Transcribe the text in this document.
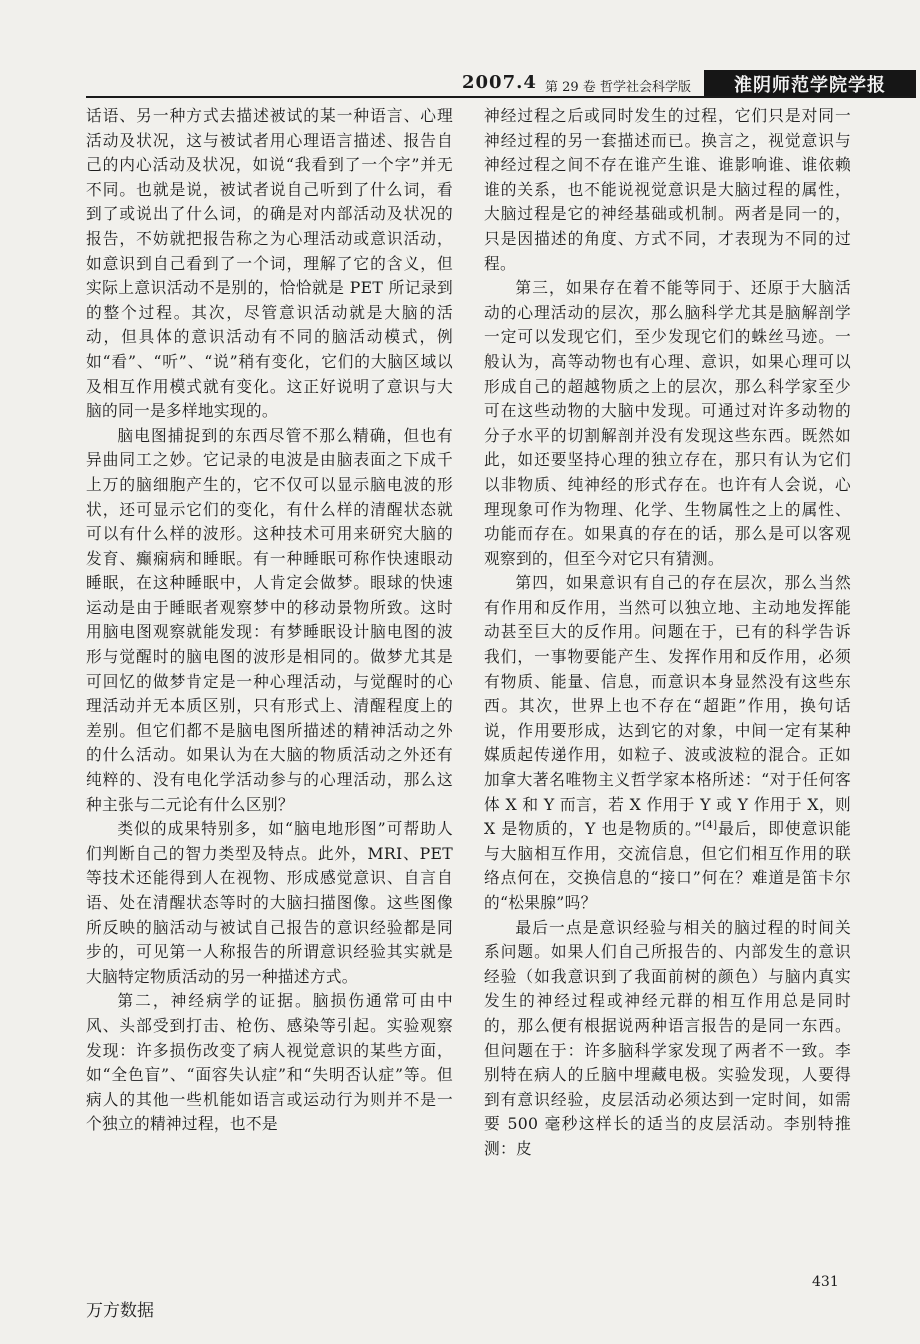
2007.4 第 29 卷 哲学社会科学版	淮阴师范学院学报

话语、另一种方式去描述被试的某一种语言、心理活动及状况，这与被试者用心理语言描述、报告自己的内心活动及状况，如说“我看到了一个字”并无不同。也就是说，被试者说自己听到了什么词，看到了或说出了什么词，的确是对内部活动及状况的报告，不妨就把报告称之为心理活动或意识活动，如意识到自己看到了一个词，理解了它的含义，但实际上意识活动不是别的，恰恰就是 PET 所记录到的整个过程。其次，尽管意识活动就是大脑的活动，但具体的意识活动有不同的脑活动模式，例如“看”、“听”、“说”稍有变化，它们的大脑区域以及相互作用模式就有变化。这正好说明了意识与大脑的同一是多样地实现的。

脑电图捕捉到的东西尽管不那么精确，但也有异曲同工之妙。它记录的电波是由脑表面之下成千上万的脑细胞产生的，它不仅可以显示脑电波的形状，还可显示它们的变化，有什么样的清醒状态就可以有什么样的波形。这种技术可用来研究大脑的发育、癫痫病和睡眠。有一种睡眠可称作快速眼动睡眠，在这种睡眠中，人肯定会做梦。眼球的快速运动是由于睡眠者观察梦中的移动景物所致。这时用脑电图观察就能发现：有梦睡眠设计脑电图的波形与觉醒时的脑电图的波形是相同的。做梦尤其是可回忆的做梦肯定是一种心理活动，与觉醒时的心理活动并无本质区别，只有形式上、清醒程度上的差别。但它们都不是脑电图所描述的精神活动之外的什么活动。如果认为在大脑的物质活动之外还有纯粹的、没有电化学活动参与的心理活动，那么这种主张与二元论有什么区别？

类似的成果特别多，如“脑电地形图”可帮助人们判断自己的智力类型及特点。此外，MRI、PET 等技术还能得到人在视物、形成感觉意识、自言自语、处在清醒状态等时的大脑扫描图像。这些图像所反映的脑活动与被试自己报告的意识经验都是同步的，可见第一人称报告的所谓意识经验其实就是大脑特定物质活动的另一种描述方式。

第二，神经病学的证据。脑损伤通常可由中风、头部受到打击、枪伤、感染等引起。实验观察发现：许多损伤改变了病人视觉意识的某些方面，如“全色盲”、“面容失认症”和“失明否认症”等。但病人的其他一些机能如语言或运动行为则并不是一个独立的精神过程，也不是

神经过程之后或同时发生的过程，它们只是对同一神经过程的另一套描述而已。换言之，视觉意识与神经过程之间不存在谁产生谁、谁影响谁、谁依赖谁的关系，也不能说视觉意识是大脑过程的属性，大脑过程是它的神经基础或机制。两者是同一的，只是因描述的角度、方式不同，才表现为不同的过程。

第三，如果存在着不能等同于、还原于大脑活动的心理活动的层次，那么脑科学尤其是脑解剖学一定可以发现它们，至少发现它们的蛛丝马迹。一般认为，高等动物也有心理、意识，如果心理可以形成自己的超越物质之上的层次，那么科学家至少可在这些动物的大脑中发现。可通过对许多动物的分子水平的切割解剖并没有发现这些东西。既然如此，如还要坚持心理的独立存在，那只有认为它们以非物质、纯神经的形式存在。也许有人会说，心理现象可作为物理、化学、生物属性之上的属性、功能而存在。如果真的存在的话，那么是可以客观观察到的，但至今对它只有猜测。

第四，如果意识有自己的存在层次，那么当然有作用和反作用，当然可以独立地、主动地发挥能动甚至巨大的反作用。问题在于，已有的科学告诉我们，一事物要能产生、发挥作用和反作用，必须有物质、能量、信息，而意识本身显然没有这些东西。其次，世界上也不存在“超距”作用，换句话说，作用要形成，达到它的对象，中间一定有某种媒质起传递作用，如粒子、波或波粒的混合。正如加拿大著名唯物主义哲学家本格所述：“对于任何客体 X 和 Y 而言，若 X 作用于 Y 或 Y 作用于 X，则 X 是物质的，Y 也是物质的。”[4]最后，即使意识能与大脑相互作用，交流信息，但它们相互作用的联络点何在，交换信息的“接口”何在？难道是笛卡尔的“松果腺”吗？

最后一点是意识经验与相关的脑过程的时间关系问题。如果人们自己所报告的、内部发生的意识经验（如我意识到了我面前树的颜色）与脑内真实发生的神经过程或神经元群的相互作用总是同时的，那么便有根据说两种语言报告的是同一东西。但问题在于：许多脑科学家发现了两者不一致。李别特在病人的丘脑中埋藏电极。实验发现，人要得到有意识经验，皮层活动必须达到一定时间，如需要 500 毫秒这样长的适当的皮层活动。李别特推测：皮

431
万方数据
